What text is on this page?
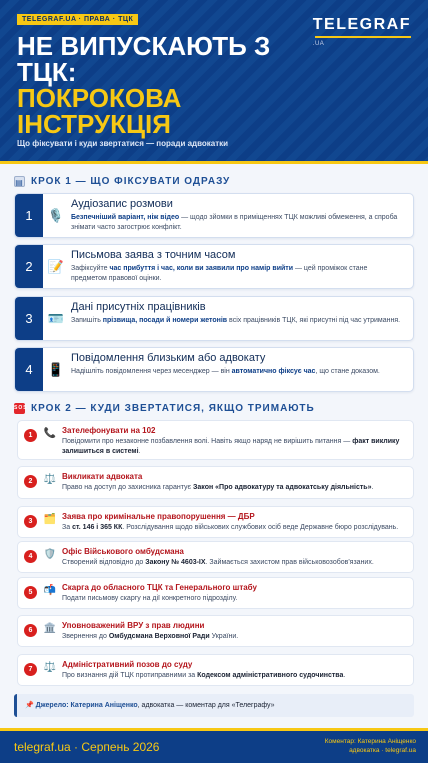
TELEGRAF.UA · ПРАВА · ТЦК	TELEGRAF
.UA
НЕ ВИПУСКАЮТЬ З ТЦК:
ПОКРОКОВА ІНСТРУКЦІЯ
Що фіксувати і куди звертатися — поради адвокатки
▤ КРОК 1 — ЩО ФІКСУВАТИ ОДРАЗУ
1	🎙️
Аудіозапис розмови
Безпечніший варіант, ніж відео — щодо зйомки в приміщеннях ТЦК можливі обмеження, а спроба знімати часто загострює конфлікт.
2	📝
Письмова заява з точним часом
Зафіксуйте час прибуття і час, коли ви заявили про намір вийти — цей проміжок стане предметом правової оцінки.
3	🪪
Дані присутніх працівників
Запишіть прізвища, посади й номери жетонів всіх працівників ТЦК, які присутні під час утримання.
4	📱
Повідомлення близьким або адвокату
Надішліть повідомлення через месенджер — він автоматично фіксує час, що стане доказом.
SOS КРОК 2 — КУДИ ЗВЕРТАТИСЯ, ЯКЩО ТРИМАЮТЬ
1	📞 Зателефонувати на 102
Повідомити про незаконне позбавлення волі. Навіть якщо наряд не вирішить питання — факт виклику залишиться в системі.
2	⚖️ Викликати адвоката
Право на доступ до захисника гарантує Закон «Про адвокатуру та адвокатську діяльність».
3	🗂️ Заява про кримінальне правопорушення — ДБР
За ст. 146 і 365 КК. Розслідування щодо військових службових осіб веде Державне бюро розслідувань.
4	🛡️ Офіс Військового омбудсмана
Створений відповідно до Закону № 4603-IX. Займається захистом прав військовозобов'язаних.
5	📬 Скарга до обласного ТЦК та Генерального штабу
Подати письмову скаргу на дії конкретного підрозділу.
6	🏛️ Уповноважений ВРУ з прав людини
Звернення до Омбудсмана Верховної Ради України.
7	⚖️ Адміністративний позов до суду
Про визнання дій ТЦК протиправними за Кодексом адміністративного судочинства.
📌 Джерело: Катерина Аніщенко, адвокатка — коментар для «Телеграфу»
telegraf.ua · Серпень 2026	Коментар: Катерина Аніщенко
адвокатка · telegraf.ua
